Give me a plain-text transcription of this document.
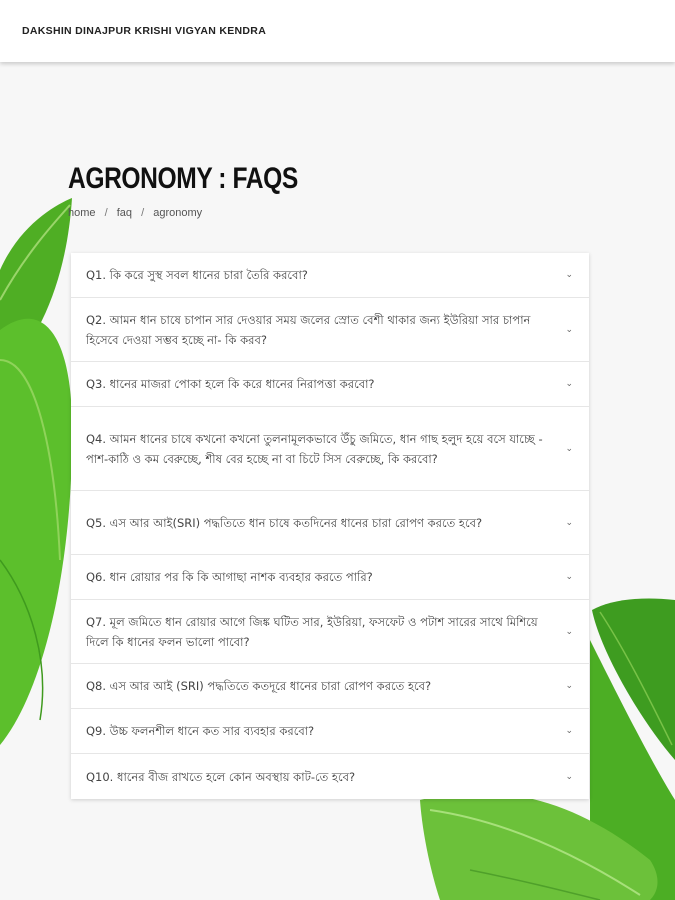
DAKSHIN DINAJPUR KRISHI VIGYAN KENDRA
AGRONOMY : FAQS
home / faq / agronomy
Q1. কি করে সুস্থ সবল ধানের চারা তৈরি করবো?	⌄
Q2. আমন ধান চাষে চাপান সার দেওয়ার সময় জলের স্রোত বেশী থাকার জন্য ইউরিয়া সার চাপান হিসেবে দেওয়া সম্ভব হচ্ছে না- কি করব?
⌄
Q3. ধানের মাজরা পোকা হলে কি করে ধানের নিরাপত্তা করবো?	⌄
Q4. আমন ধানের চাষে কখনো কখনো তুলনামূলকভাবে উঁচু জমিতে, ধান গাছ হলুদ হয়ে বসে যাচ্ছে - পাশ-কাঠি ও কম বেরুচ্ছে, শীষ বের হচ্ছে না বা চিটে সিস বেরুচ্ছে, কি করবো?
⌄
Q5. এস আর আই(SRI) পদ্ধতিতে ধান চাষে কতদিনের ধানের চারা রোপণ করতে হবে?	⌄
Q6. ধান রোয়ার পর কি কি আগাছা নাশক ব্যবহার করতে পারি?	⌄
Q7. মূল জমিতে ধান রোয়ার আগে জিঙ্ক ঘটিত সার, ইউরিয়া, ফসফেট ও পটাশ সারের সাথে মিশিয়ে দিলে কি ধানের ফলন ভালো পাবো?
⌄
Q8. এস আর আই (SRI) পদ্ধতিতে কতদূরে ধানের চারা রোপণ করতে হবে?	⌄
Q9. উচ্চ ফলনশীল ধানে কত সার ব্যবহার করবো?	⌄
Q10. ধানের বীজ রাখতে হলে কোন অবস্থায় কাট-তে হবে?	⌄
